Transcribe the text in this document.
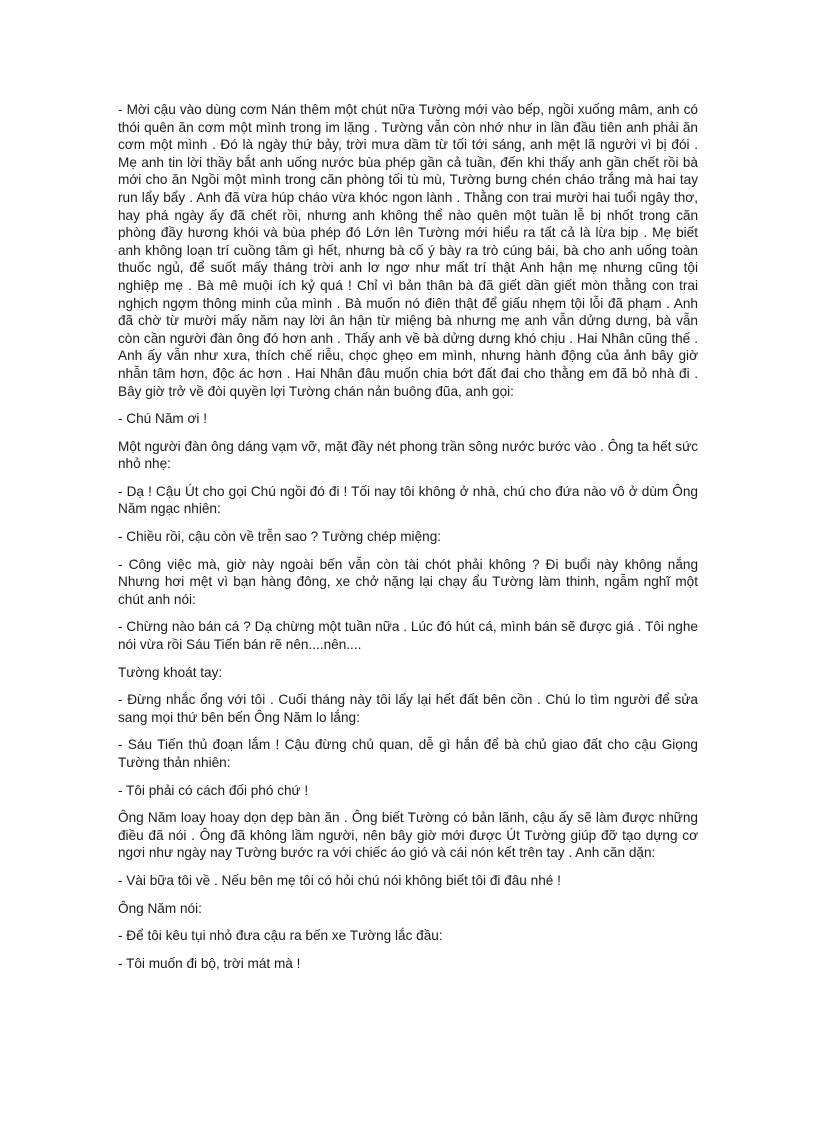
- Mời cậu vào dùng cơm Nán thêm một chút nữa Tường mới vào bếp, ngồi xuống mâm, anh có thói quên ăn cơm một mình trong im lặng . Tường vẫn còn nhớ như in lần đầu tiên anh phải ăn cơm một mình . Đó là ngày thứ bảy, trời mưa dầm từ tối tới sáng, anh mệt lã người vì bị đói . Mẹ anh tin lời thầy bắt anh uống nước bùa phép gần cả tuần, đến khi thấy anh gần chết rồi bà mới cho ăn Ngồi một mình trong căn phòng tối tù mù, Tường bưng chén cháo trắng mà hai tay run lẩy bẩy . Anh đã vừa húp cháo vừa khóc ngon lành . Thằng con trai mười hai tuổi ngây thơ, hay phá ngày ấy đã chết rồi, nhưng anh không thể nào quên một tuần lễ bị nhốt trong căn phòng đầy hương khói và bùa phép đó Lớn lên Tường mới hiểu ra tất cả là lừa bịp . Mẹ biết anh không loạn trí cuồng tâm gì hết, nhưng bà cố ý bày ra trò cúng bái, bà cho anh uống toàn thuốc ngủ, để suốt mấy tháng trời anh lơ ngơ như mất trí thật Anh hận mẹ nhưng cũng tội nghiệp mẹ . Bà mê muội ích kỷ quá ! Chỉ vì bản thân bà đã giết dần giết mòn thằng con trai nghịch ngợm thông minh của mình . Bà muốn nó điên thật để giấu nhẹm tội lỗi đã phạm . Anh đã chờ từ mười mấy năm nay lời ân hận từ miệng bà nhưng mẹ anh vẫn dửng dưng, bà vẫn còn cần người đàn ông đó hơn anh . Thấy anh về bà dửng dưng khó chịu . Hai Nhân cũng thế . Anh ấy vẫn như xưa, thích chế riễu, chọc ghẹo em mình, nhưng hành động của ảnh bây giờ nhẫn tâm hơn, độc ác hơn . Hai Nhân đâu muốn chia bớt đất đai cho thằng em đã bỏ nhà đi . Bây giờ trở về đòi quyền lợi Tường chán nản buông đũa, anh gọi:

- Chú Năm ơi !

Một người đàn ông dáng vạm vỡ, mặt đầy nét phong trần sông nước bước vào . Ông ta hết sức nhỏ nhẹ:

- Dạ ! Cậu Út cho gọi Chú ngồi đó đi ! Tối nay tôi không ở nhà, chú cho đứa nào vô ở dùm Ông Năm ngạc nhiên:

- Chiều rồi, cậu còn về trễn sao ? Tường chép miệng:

- Công việc mà, giờ này ngoài bến vẫn còn tài chót phải không ? Đi buổi này không nắng Nhưng hơi mệt vì bạn hàng đông, xe chở nặng lại chạy ẩu Tường làm thinh, ngẫm nghĩ một chút anh nói:

- Chừng nào bán cá ? Dạ chừng một tuần nữa . Lúc đó hút cá, mình bán sẽ được giá . Tôi nghe nói vừa rồi Sáu Tiến bán rẽ nên....nên....

Tường khoát tay:

- Đừng nhắc ổng với tôi . Cuối tháng này tôi lấy lại hết đất bên cồn . Chú lo tìm người để sửa sang mọi thứ bên bến Ông Năm lo lắng:

- Sáu Tiến thủ đoạn lắm ! Cậu đừng chủ quan, dễ gì hắn để bà chủ giao đất cho cậu Giọng Tường thản nhiên:

- Tôi phải có cách đối phó chứ !

Ông Năm loay hoay dọn dẹp bàn ăn . Ông biết Tường có bản lãnh, cậu ấy sẽ làm được những điều đã nói . Ông đã không lầm người, nên bây giờ mới được Út Tường giúp đỡ tạo dựng cơ ngơi như ngày nay Tường bước ra với chiếc áo gió và cái nón kết trên tay . Anh căn dặn:

- Vài bữa tôi về . Nếu bên mẹ tôi có hỏi chú nói không biết tôi đi đâu nhé !

Ông Năm nói:

- Để tôi kêu tụi nhỏ đưa cậu ra bến xe Tường lắc đầu:

- Tôi muốn đi bộ, trời mát mà !
